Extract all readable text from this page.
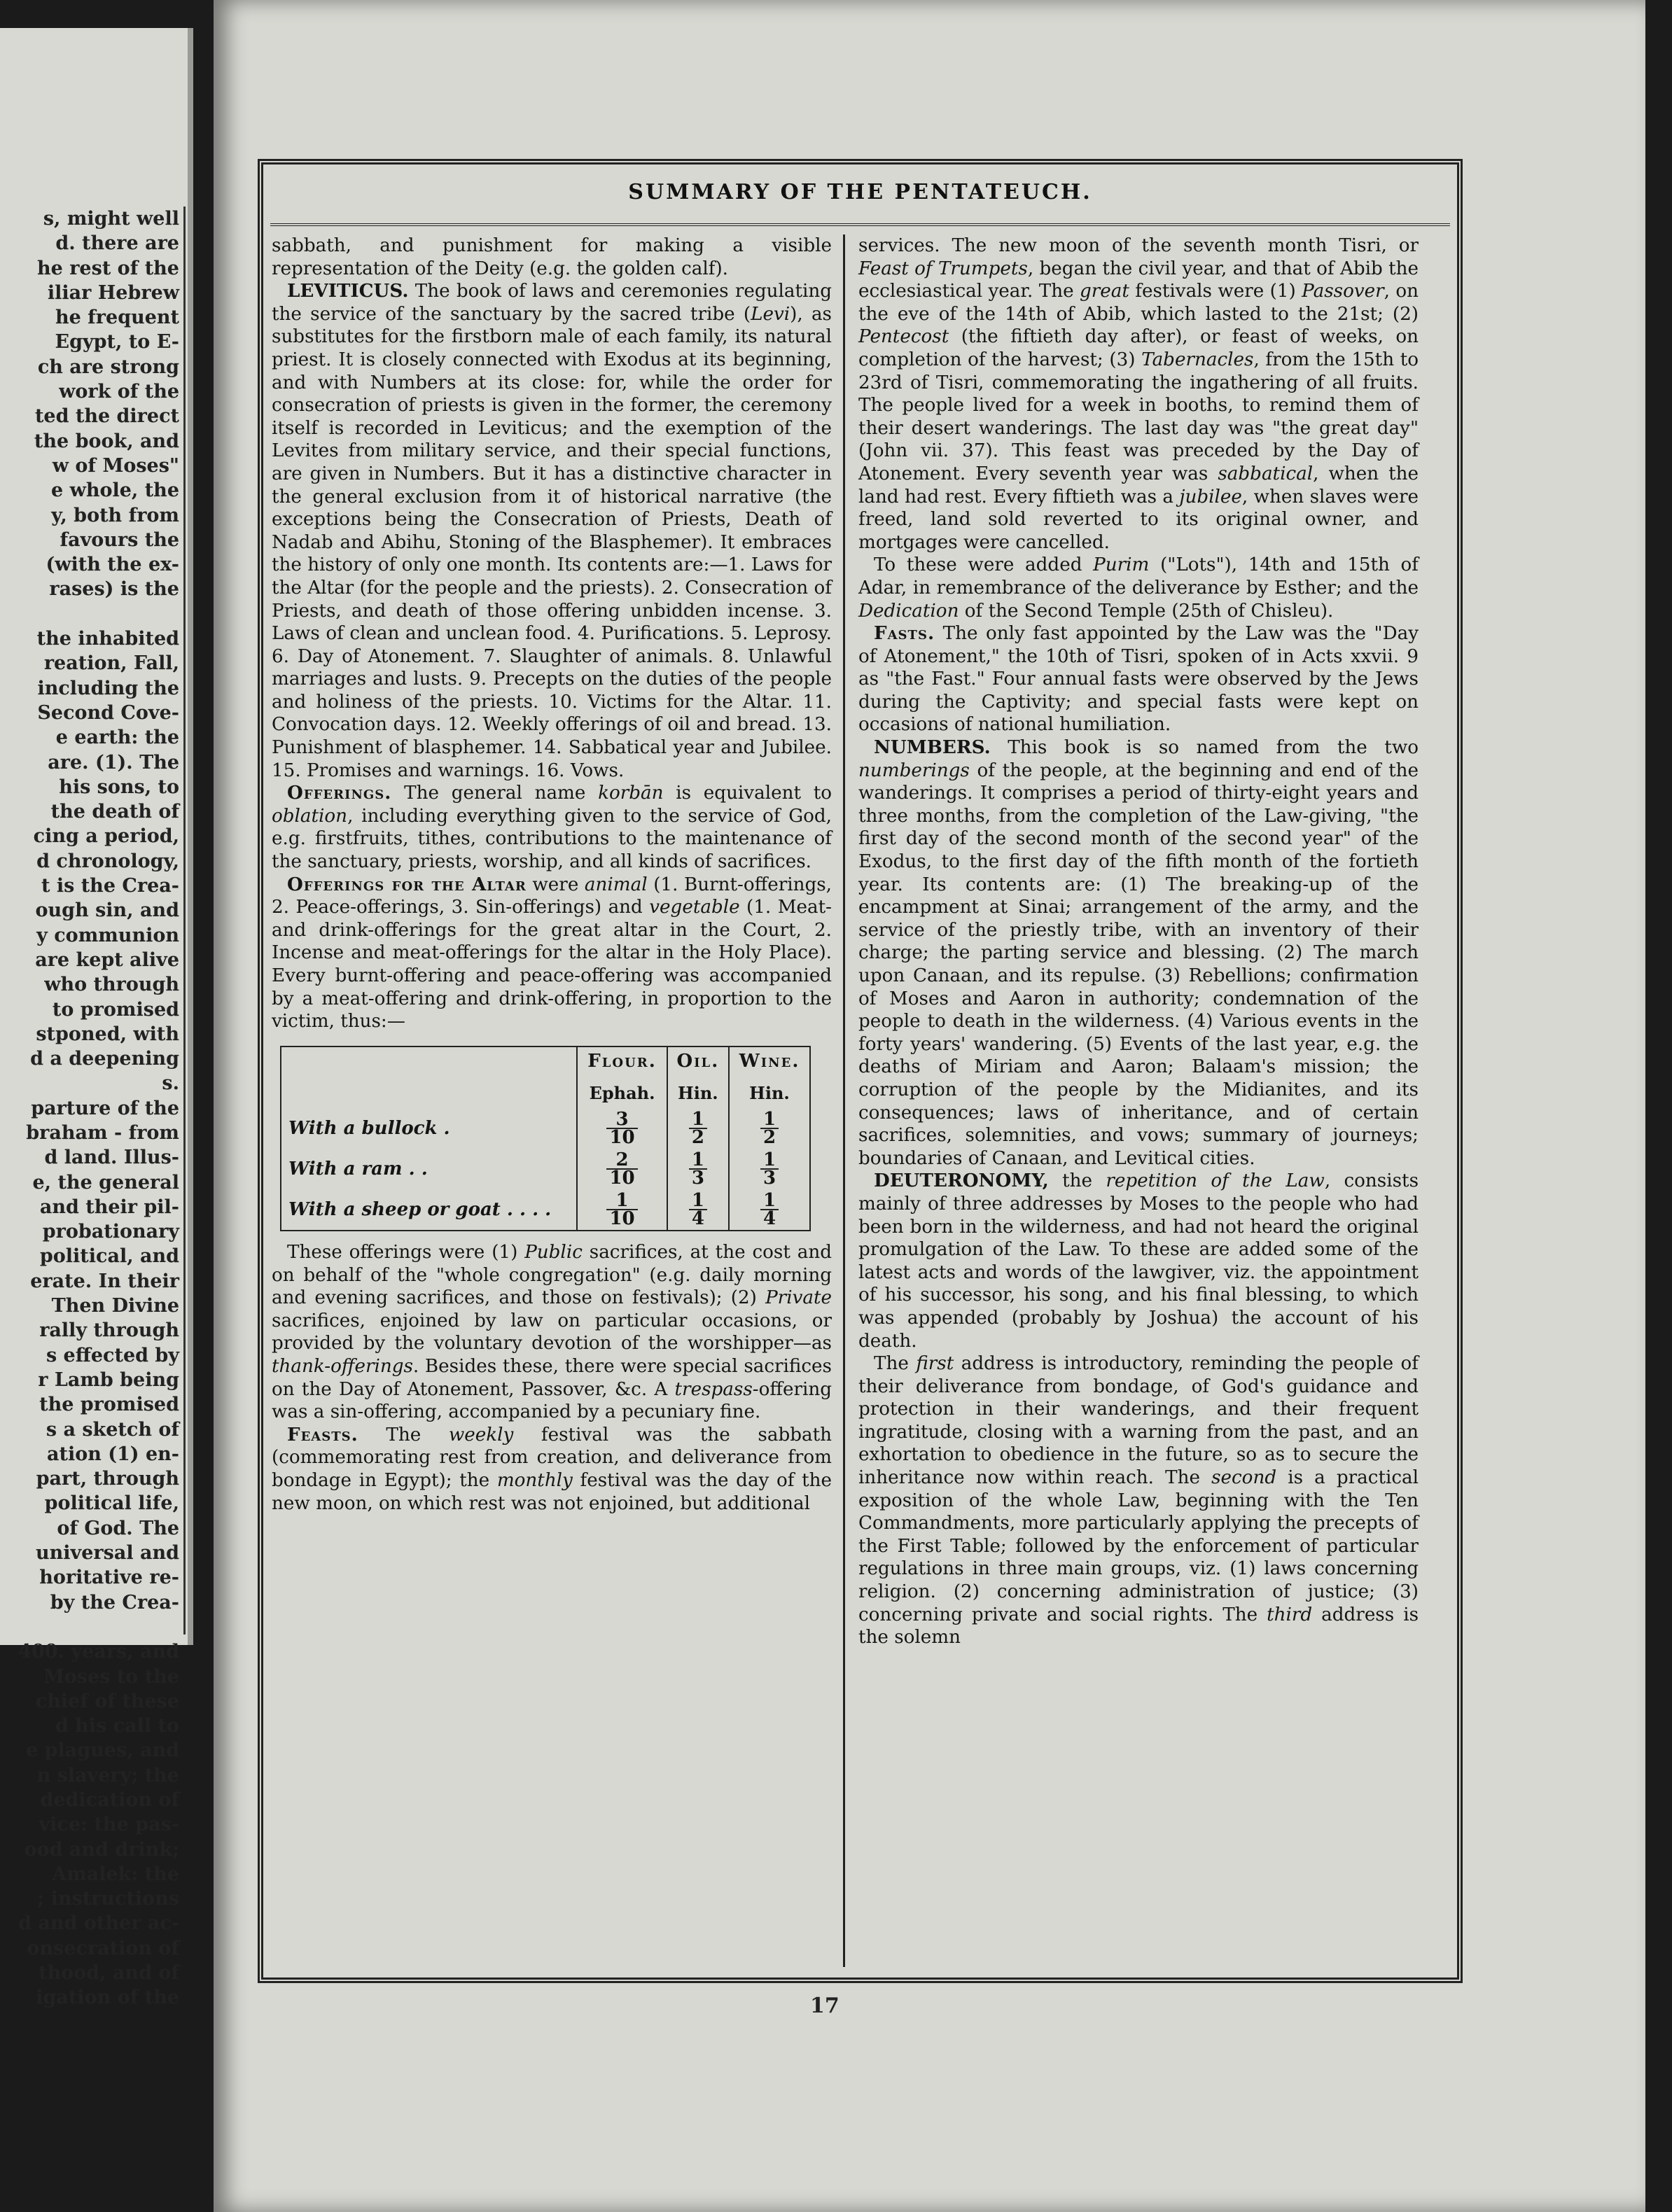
s, might well
d. there are
he rest of the
iliar Hebrew
he frequent
Egypt, to E-
ch are strong
work of the
ted the direct
the book, and
w of Moses"
e whole, the
y, both from
favours the
(with the ex-
rases) is the

the inhabited
reation, Fall,
including the
Second Cove-
e earth: the
are. (1). The
his sons, to
the death of
cing a period,
d chronology,
t is the Crea-
ough sin, and
y communion
are kept alive
who through
to promised
stponed, with
d a deepening
s.
parture of the
braham - from
d land. Illus-
e, the general
and their pil-
probationary
political, and
erate. In their
Then Divine
rally through
s effected by
r Lamb being
the promised
s a sketch of
ation (1) en-
part, through
political life,
of God. The
universal and
horitative re-
by the Crea-

400. years, and
Moses to the
chief of these
d his call to
e plagues, and
n slavery; the
dedication of
vice: the pas-
ood and drink;
Amalek: the
; instructions
d and other ac-
onsecration of
thood, and of
igation of the
SUMMARY OF THE PENTATEUCH.

sabbath, and punishment for making a visible representation of the Deity (e.g. the golden calf).

LEVITICUS. The book of laws and ceremonies regulating the service of the sanctuary by the sacred tribe (Levi), as substitutes for the firstborn male of each family, its natural priest. It is closely connected with Exodus at its beginning, and with Numbers at its close: for, while the order for consecration of priests is given in the former, the ceremony itself is recorded in Leviticus; and the exemption of the Levites from military service, and their special functions, are given in Numbers. But it has a distinctive character in the general exclusion from it of historical narrative (the exceptions being the Consecration of Priests, Death of Nadab and Abihu, Stoning of the Blasphemer). It embraces the history of only one month. Its contents are:—1. Laws for the Altar (for the people and the priests). 2. Consecration of Priests, and death of those offering unbidden incense. 3. Laws of clean and unclean food. 4. Purifications. 5. Leprosy. 6. Day of Atonement. 7. Slaughter of animals. 8. Unlawful marriages and lusts. 9. Precepts on the duties of the people and holiness of the priests. 10. Victims for the Altar. 11. Convocation days. 12. Weekly offerings of oil and bread. 13. Punishment of blasphemer. 14. Sabbatical year and Jubilee. 15. Promises and warnings. 16. Vows.

Offerings. The general name korbān is equivalent to oblation, including everything given to the service of God, e.g. firstfruits, tithes, contributions to the maintenance of the sanctuary, priests, worship, and all kinds of sacrifices.

Offerings for the Altar were animal (1. Burnt-offerings, 2. Peace-offerings, 3. Sin-offerings) and vegetable (1. Meat- and drink-offerings for the great altar in the Court, 2. Incense and meat-offerings for the altar in the Holy Place). Every burnt-offering and peace-offering was accompanied by a meat-offering and drink-offering, in proportion to the victim, thus:—

	Flour.	Oil.	Wine.
	Ephah.	Hin.	Hin.
With a bullock .	$\frac{3}{10}$	$\frac{1}{2}$	$\frac{1}{2}$

With a ram . .	$\frac{2}{10}$	$\frac{1}{3}$	$\frac{1}{3}$

With a sheep or goat . . . .	$\frac{1}{10}$	$\frac{1}{4}$	$\frac{1}{4}$

These offerings were (1) Public sacrifices, at the cost and on behalf of the "whole congregation" (e.g. daily morning and evening sacrifices, and those on festivals); (2) Private sacrifices, enjoined by law on particular occasions, or provided by the voluntary devotion of the worshipper—as thank-offerings. Besides these, there were special sacrifices on the Day of Atonement, Passover, &c. A trespass-offering was a sin-offering, accompanied by a pecuniary fine.

Feasts. The weekly festival was the sabbath (commemorating rest from creation, and deliverance from bondage in Egypt); the monthly festival was the day of the new moon, on which rest was not enjoined, but additional

services. The new moon of the seventh month Tisri, or Feast of Trumpets, began the civil year, and that of Abib the ecclesiastical year. The great festivals were (1) Passover, on the eve of the 14th of Abib, which lasted to the 21st; (2) Pentecost (the fiftieth day after), or feast of weeks, on completion of the harvest; (3) Tabernacles, from the 15th to 23rd of Tisri, commemorating the ingathering of all fruits. The people lived for a week in booths, to remind them of their desert wanderings. The last day was "the great day" (John vii. 37). This feast was preceded by the Day of Atonement. Every seventh year was sabbatical, when the land had rest. Every fiftieth was a jubilee, when slaves were freed, land sold reverted to its original owner, and mortgages were cancelled.

To these were added Purim ("Lots"), 14th and 15th of Adar, in remembrance of the deliverance by Esther; and the Dedication of the Second Temple (25th of Chisleu).

Fasts. The only fast appointed by the Law was the "Day of Atonement," the 10th of Tisri, spoken of in Acts xxvii. 9 as "the Fast." Four annual fasts were observed by the Jews during the Captivity; and special fasts were kept on occasions of national humiliation.

NUMBERS. This book is so named from the two numberings of the people, at the beginning and end of the wanderings. It comprises a period of thirty-eight years and three months, from the completion of the Law-giving, "the first day of the second month of the second year" of the Exodus, to the first day of the fifth month of the fortieth year. Its contents are: (1) The breaking-up of the encampment at Sinai; arrangement of the army, and the service of the priestly tribe, with an inventory of their charge; the parting service and blessing. (2) The march upon Canaan, and its repulse. (3) Rebellions; confirmation of Moses and Aaron in authority; condemnation of the people to death in the wilderness. (4) Various events in the forty years' wandering. (5) Events of the last year, e.g. the deaths of Miriam and Aaron; Balaam's mission; the corruption of the people by the Midianites, and its consequences; laws of inheritance, and of certain sacrifices, solemnities, and vows; summary of journeys; boundaries of Canaan, and Levitical cities.

DEUTERONOMY, the repetition of the Law, consists mainly of three addresses by Moses to the people who had been born in the wilderness, and had not heard the original promulgation of the Law. To these are added some of the latest acts and words of the lawgiver, viz. the appointment of his successor, his song, and his final blessing, to which was appended (probably by Joshua) the account of his death.

The first address is introductory, reminding the people of their deliverance from bondage, of God's guidance and protection in their wanderings, and their frequent ingratitude, closing with a warning from the past, and an exhortation to obedience in the future, so as to secure the inheritance now within reach. The second is a practical exposition of the whole Law, beginning with the Ten Commandments, more particularly applying the precepts of the First Table; followed by the enforcement of particular regulations in three main groups, viz. (1) laws concerning religion. (2) concerning administration of justice; (3) concerning private and social rights. The third address is the solemn

17
